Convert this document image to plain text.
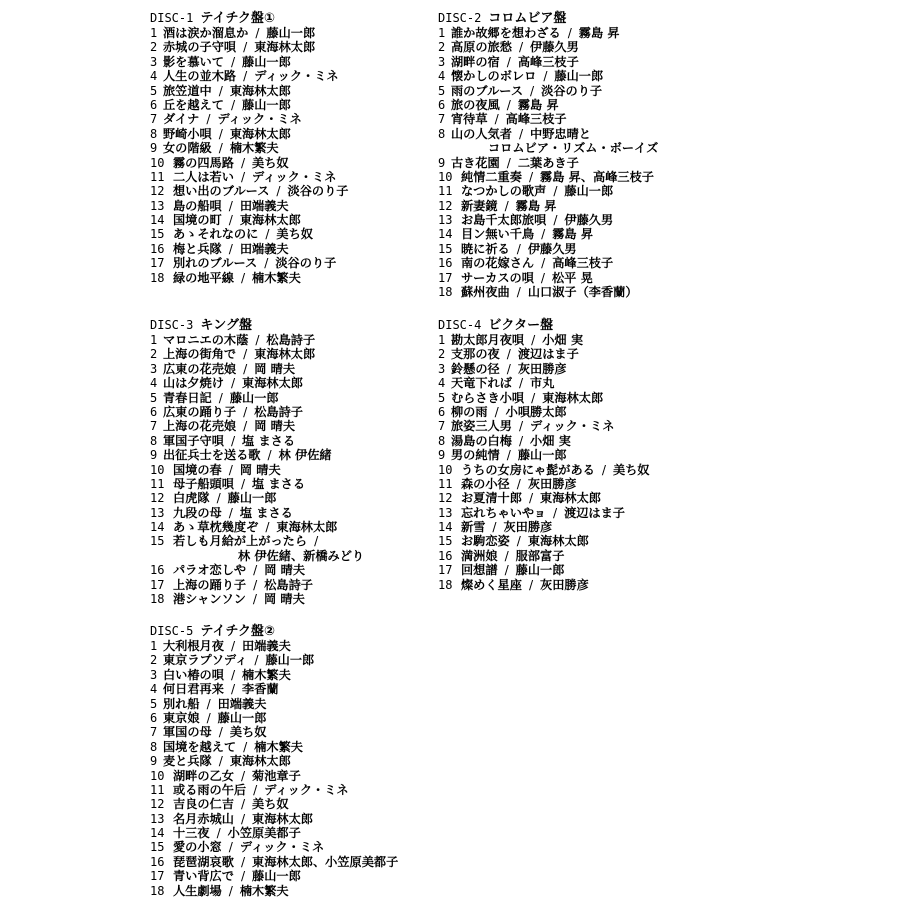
DISC-1 テイチク盤①
1 酒は涙か溜息か / 藤山一郎
2 赤城の子守唄 / 東海林太郎
3 影を慕いて / 藤山一郎
4 人生の並木路 / ディック・ミネ
5 旅笠道中 / 東海林太郎
6 丘を越えて / 藤山一郎
7 ダイナ / ディック・ミネ
8 野崎小唄 / 東海林太郎
9 女の階級 / 楠木繁夫
10 霧の四馬路 / 美ち奴
11 二人は若い / ディック・ミネ
12 想い出のブルース / 淡谷のり子
13 島の船唄 / 田端義夫
14 国境の町 / 東海林太郎
15 あゝそれなのに / 美ち奴
16 梅と兵隊 / 田端義夫
17 別れのブルース / 淡谷のり子
18 緑の地平線 / 楠木繁夫
DISC-2 コロムビア盤
1 誰か故郷を想わざる / 霧島 昇
2 高原の旅愁 / 伊藤久男
3 湖畔の宿 / 高峰三枝子
4 懐かしのボレロ / 藤山一郎
5 雨のブルース / 淡谷のり子
6 旅の夜風 / 霧島 昇
7 宵待草 / 高峰三枝子
8 山の人気者 / 中野忠晴と
コロムビア・リズム・ボーイズ
9 古き花園 / 二葉あき子
10 純情二重奏 / 霧島 昇、高峰三枝子
11 なつかしの歌声 / 藤山一郎
12 新妻鏡 / 霧島 昇
13 お島千太郎旅唄 / 伊藤久男
14 目ン無い千鳥 / 霧島 昇
15 暁に祈る / 伊藤久男
16 南の花嫁さん / 高峰三枝子
17 サーカスの唄 / 松平 晃
18 蘇州夜曲 / 山口淑子（李香蘭）
DISC-3 キング盤
1 マロニエの木蔭 / 松島詩子
2 上海の街角で / 東海林太郎
3 広東の花売娘 / 岡 晴夫
4 山は夕焼け / 東海林太郎
5 青春日記 / 藤山一郎
6 広東の踊り子 / 松島詩子
7 上海の花売娘 / 岡 晴夫
8 軍国子守唄 / 塩 まさる
9 出征兵士を送る歌 / 林 伊佐緒
10 国境の春 / 岡 晴夫
11 母子船頭唄 / 塩 まさる
12 白虎隊 / 藤山一郎
13 九段の母 / 塩 まさる
14 あゝ草枕幾度ぞ / 東海林太郎
15 若しも月給が上がったら /
林 伊佐緒、新橋みどり
16 パラオ恋しや / 岡 晴夫
17 上海の踊り子 / 松島詩子
18 港シャンソン / 岡 晴夫
DISC-4 ビクター盤
1 勘太郎月夜唄 / 小畑 実
2 支那の夜 / 渡辺はま子
3 鈴懸の径 / 灰田勝彦
4 天竜下れば / 市丸
5 むらさき小唄 / 東海林太郎
6 柳の雨 / 小唄勝太郎
7 旅姿三人男 / ディック・ミネ
8 湯島の白梅 / 小畑 実
9 男の純情 / 藤山一郎
10 うちの女房にゃ髭がある / 美ち奴
11 森の小径 / 灰田勝彦
12 お夏清十郎 / 東海林太郎
13 忘れちゃいやョ / 渡辺はま子
14 新雪 / 灰田勝彦
15 お駒恋姿 / 東海林太郎
16 満洲娘 / 服部富子
17 回想譜 / 藤山一郎
18 燦めく星座 / 灰田勝彦
DISC-5 テイチク盤②
1 大利根月夜 / 田端義夫
2 東京ラプソディ / 藤山一郎
3 白い椿の唄 / 楠木繁夫
4 何日君再来 / 李香蘭
5 別れ船 / 田端義夫
6 東京娘 / 藤山一郎
7 軍国の母 / 美ち奴
8 国境を越えて / 楠木繁夫
9 麦と兵隊 / 東海林太郎
10 湖畔の乙女 / 菊池章子
11 或る雨の午后 / ディック・ミネ
12 吉良の仁吉 / 美ち奴
13 名月赤城山 / 東海林太郎
14 十三夜 / 小笠原美都子
15 愛の小窓 / ディック・ミネ
16 琵琶湖哀歌 / 東海林太郎、小笠原美都子
17 青い背広で / 藤山一郎
18 人生劇場 / 楠木繁夫
